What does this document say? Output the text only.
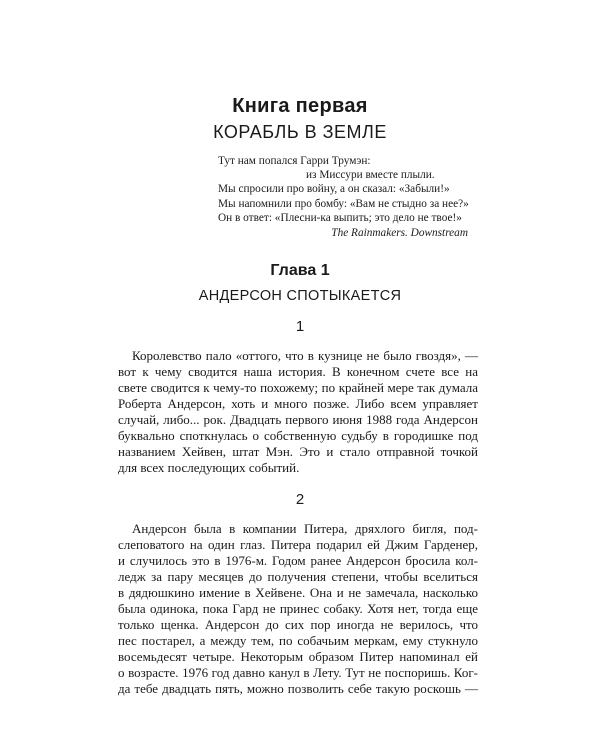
Книга первая
КОРАБЛЬ В ЗЕМЛЕ
Тут нам попался Гарри Трумэн:
из Миссури вместе плыли.
Мы спросили про войну, а он сказал: «Забыли!»
Мы напомнили про бомбу: «Вам не стыдно за нее?»
Он в ответ: «Плесни-ка выпить; это дело не твое!»
The Rainmakers. Downstream
Глава 1
АНДЕРСОН СПОТЫКАЕТСЯ
1
Королевство пало «оттого, что в кузнице не было гвоздя», —
вот к чему сводится наша история. В конечном счете все на
свете сводится к чему-то похожему; по крайней мере так думала
Роберта Андерсон, хоть и много позже. Либо всем управляет
случай, либо... рок. Двадцать первого июня 1988 года Андерсон
буквально споткнулась о собственную судьбу в городишке под
названием Хейвен, штат Мэн. Это и стало отправной точкой
для всех последующих событий.
2
Андерсон была в компании Питера, дряхлого бигля, под-
слеповатого на один глаз. Питера подарил ей Джим Гарденер,
и случилось это в 1976-м. Годом ранее Андерсон бросила кол-
ледж за пару месяцев до получения степени, чтобы вселиться
в дядюшкино имение в Хейвене. Она и не замечала, насколько
была одинока, пока Гард не принес собаку. Хотя нет, тогда еще
только щенка. Андерсон до сих пор иногда не верилось, что
пес постарел, а между тем, по собачьим меркам, ему стукнуло
восемьдесят четыре. Некоторым образом Питер напоминал ей
о возрасте. 1976 год давно канул в Лету. Тут не поспоришь. Ког-
да тебе двадцать пять, можно позволить себе такую роскошь —
